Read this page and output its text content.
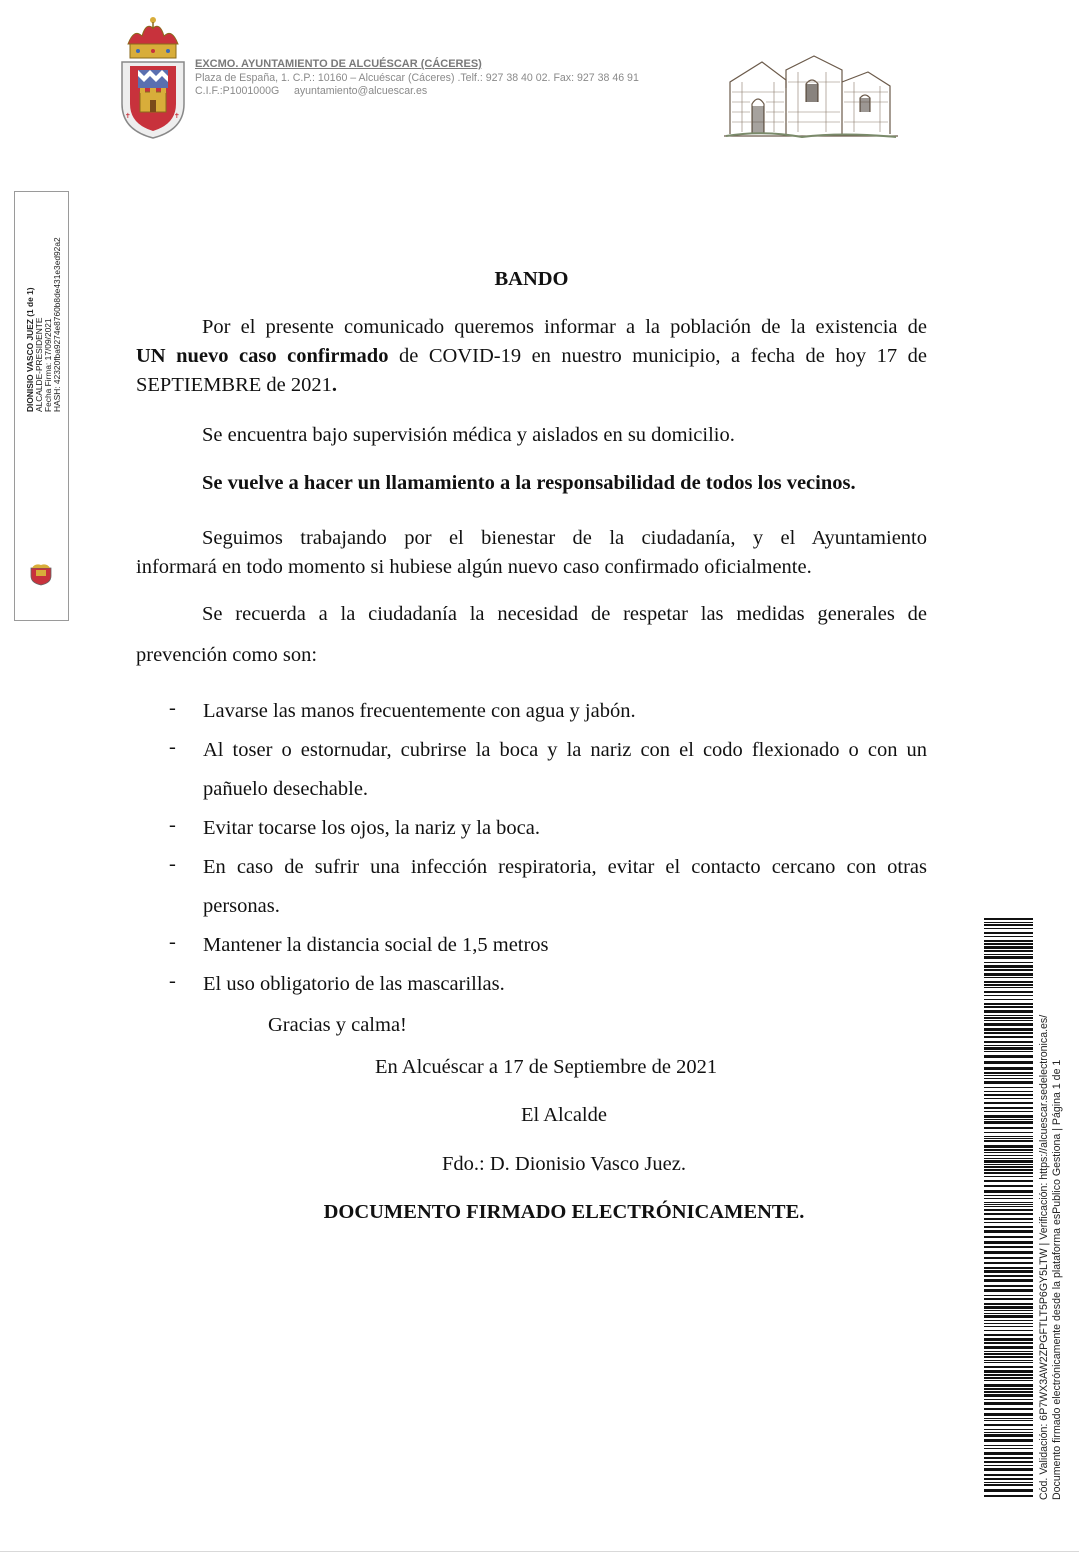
✝	✝
EXCMO. AYUNTAMIENTO DE ALCUÉSCAR (CÁCERES)
Plaza de España, 1. C.P.: 10160 – Alcuéscar (Cáceres) .Telf.: 927 38 40 02. Fax: 927 38 46 91
C.I.F.:P1001000G ayuntamiento@alcuescar.es
DIONISIO VASCO JUEZ (1 de 1) ALCALDE-PRESIDENTE Fecha Firma: 17/09/2021 HASH: 42320fba9274e8760b8de431e3ed92a2	BANDO
Por el presente comunicado queremos informar a la población de la existencia de
UN nuevo caso confirmado de COVID-19 en nuestro municipio, a fecha de hoy 17 de
SEPTIEMBRE de 2021.
Se encuentra bajo supervisión médica y aislados en su domicilio.
Se vuelve a hacer un llamamiento a la responsabilidad de todos los vecinos.
Seguimos trabajando por el bienestar de la ciudadanía, y el Ayuntamiento
informará en todo momento si hubiese algún nuevo caso confirmado oficialmente.
Se recuerda a la ciudadanía la necesidad de respetar las medidas generales de
prevención como son:
- Lavarse las manos frecuentemente con agua y jabón.
- Al toser o estornudar, cubrirse la boca y la nariz con el codo flexionado o con un
pañuelo desechable.
- Evitar tocarse los ojos, la nariz y la boca.
- En caso de sufrir una infección respiratoria, evitar el contacto cercano con otras
personas.
- Mantener la distancia social de 1,5 metros
- El uso obligatorio de las mascarillas.
Gracias y calma!
En Alcuéscar a 17 de Septiembre de 2021
El Alcalde
Fdo.: D. Dionisio Vasco Juez.
DOCUMENTO FIRMADO ELECTRÓNICAMENTE.	Cód. Validación: 6P7WX3AW2ZPGFTLT5P6GY5LTW | Verificación: https://alcuescar.sedelectronica.es/ Documento firmado electrónicamente desde la plataforma esPublico Gestiona | Página 1 de 1
